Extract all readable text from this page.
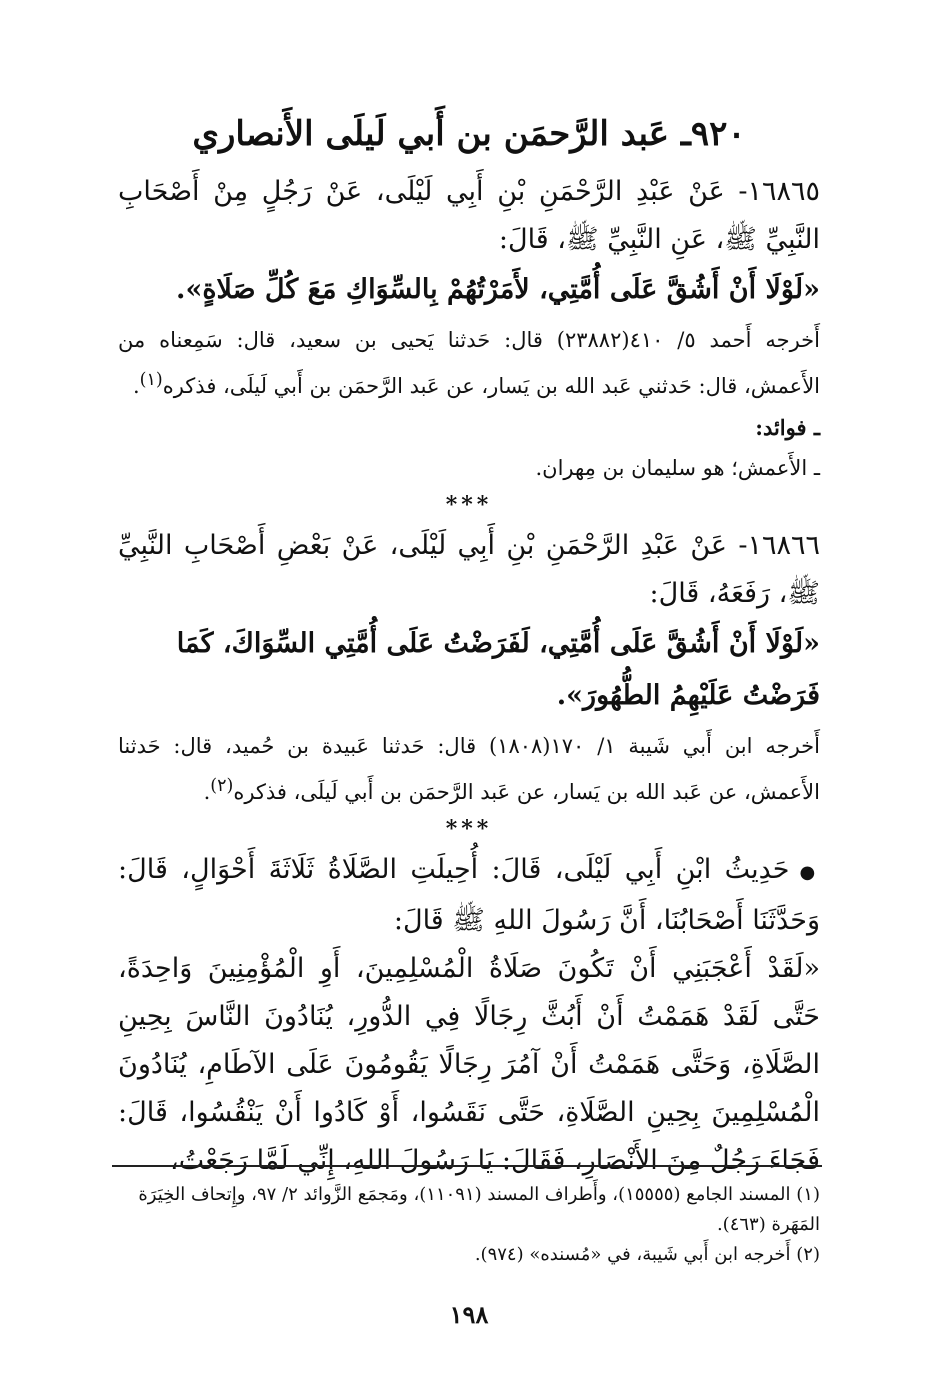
٩٢٠ـ عَبد الرَّحمَن بن أَبي لَيلَى الأَنصاري

١٦٨٦٥- عَنْ عَبْدِ الرَّحْمَنِ بْنِ أَبِي لَيْلَى، عَنْ رَجُلٍ مِنْ أَصْحَابِ النَّبِيِّ ﷺ، عَنِ النَّبِيِّ ﷺ، قَالَ:

«لَوْلَا أَنْ أَشُقَّ عَلَى أُمَّتِي، لأَمَرْتُهُمْ بِالسِّوَاكِ مَعَ كُلِّ صَلَاةٍ».

أَخرجه أَحمد ٥/ ٤١٠(٢٣٨٨٢) قال: حَدثنا يَحيى بن سعيد، قال: سَمِعناه من الأَعمش، قال: حَدثني عَبد الله بن يَسار، عن عَبد الرَّحمَن بن أَبي لَيلَى، فذكره$^{(١)}$.

ـ فوائد:

ـ الأَعمش؛ هو سليمان بن مِهران.

***

١٦٨٦٦- عَنْ عَبْدِ الرَّحْمَنِ بْنِ أَبِي لَيْلَى، عَنْ بَعْضِ أَصْحَابِ النَّبِيِّ ﷺ، رَفَعَهُ، قَالَ:

«لَوْلَا أَنْ أَشُقَّ عَلَى أُمَّتِي، لَفَرَضْتُ عَلَى أُمَّتِي السِّوَاكَ، كَمَا فَرَضْتُ عَلَيْهِمُ الطُّهُورَ».

أَخرجه ابن أَبي شَيبة ١/ ١٧٠(١٨٠٨) قال: حَدثنا عَبيدة بن حُميد، قال: حَدثنا الأَعمش، عن عَبد الله بن يَسار، عن عَبد الرَّحمَن بن أَبي لَيلَى، فذكره$^{(٢)}$.

***

●حَدِيثُ ابْنِ أَبِي لَيْلَى، قَالَ: أُحِيلَتِ الصَّلَاةُ ثَلَاثَةَ أَحْوَالٍ، قَالَ: وَحَدَّثَنَا أَصْحَابُنَا، أَنَّ رَسُولَ اللهِ ﷺ قَالَ:

«لَقَدْ أَعْجَبَنِي أَنْ تَكُونَ صَلَاةُ الْمُسْلِمِينَ، أَوِ الْمُؤْمِنِينَ وَاحِدَةً، حَتَّى لَقَدْ هَمَمْتُ أَنْ أَبُثَّ رِجَالًا فِي الدُّورِ، يُنَادُونَ النَّاسَ بِحِينِ الصَّلَاةِ، وَحَتَّى هَمَمْتُ أَنْ آمُرَ رِجَالًا يَقُومُونَ عَلَى الآطَامِ، يُنَادُونَ الْمُسْلِمِينَ بِحِينِ الصَّلَاةِ، حَتَّى نَقَسُوا، أَوْ كَادُوا أَنْ يَنْقُسُوا، قَالَ: فَجَاءَ رَجُلٌ مِنَ الأَنْصَارِ، فَقَالَ: يَا رَسُولَ اللهِ، إِنِّي لَمَّا رَجَعْتُ،

(١) المسند الجامع (١٥٥٥٥)، وأَطراف المسند (١١٠٩١)، ومَجمَع الزَّوائد ٢/ ٩٧، وإِتحاف الخِيَرَة المَهَرة (٤٦٣).

(٢) أَخرجه ابن أَبي شَيبة، في «مُسنده» (٩٧٤).

١٩٨
